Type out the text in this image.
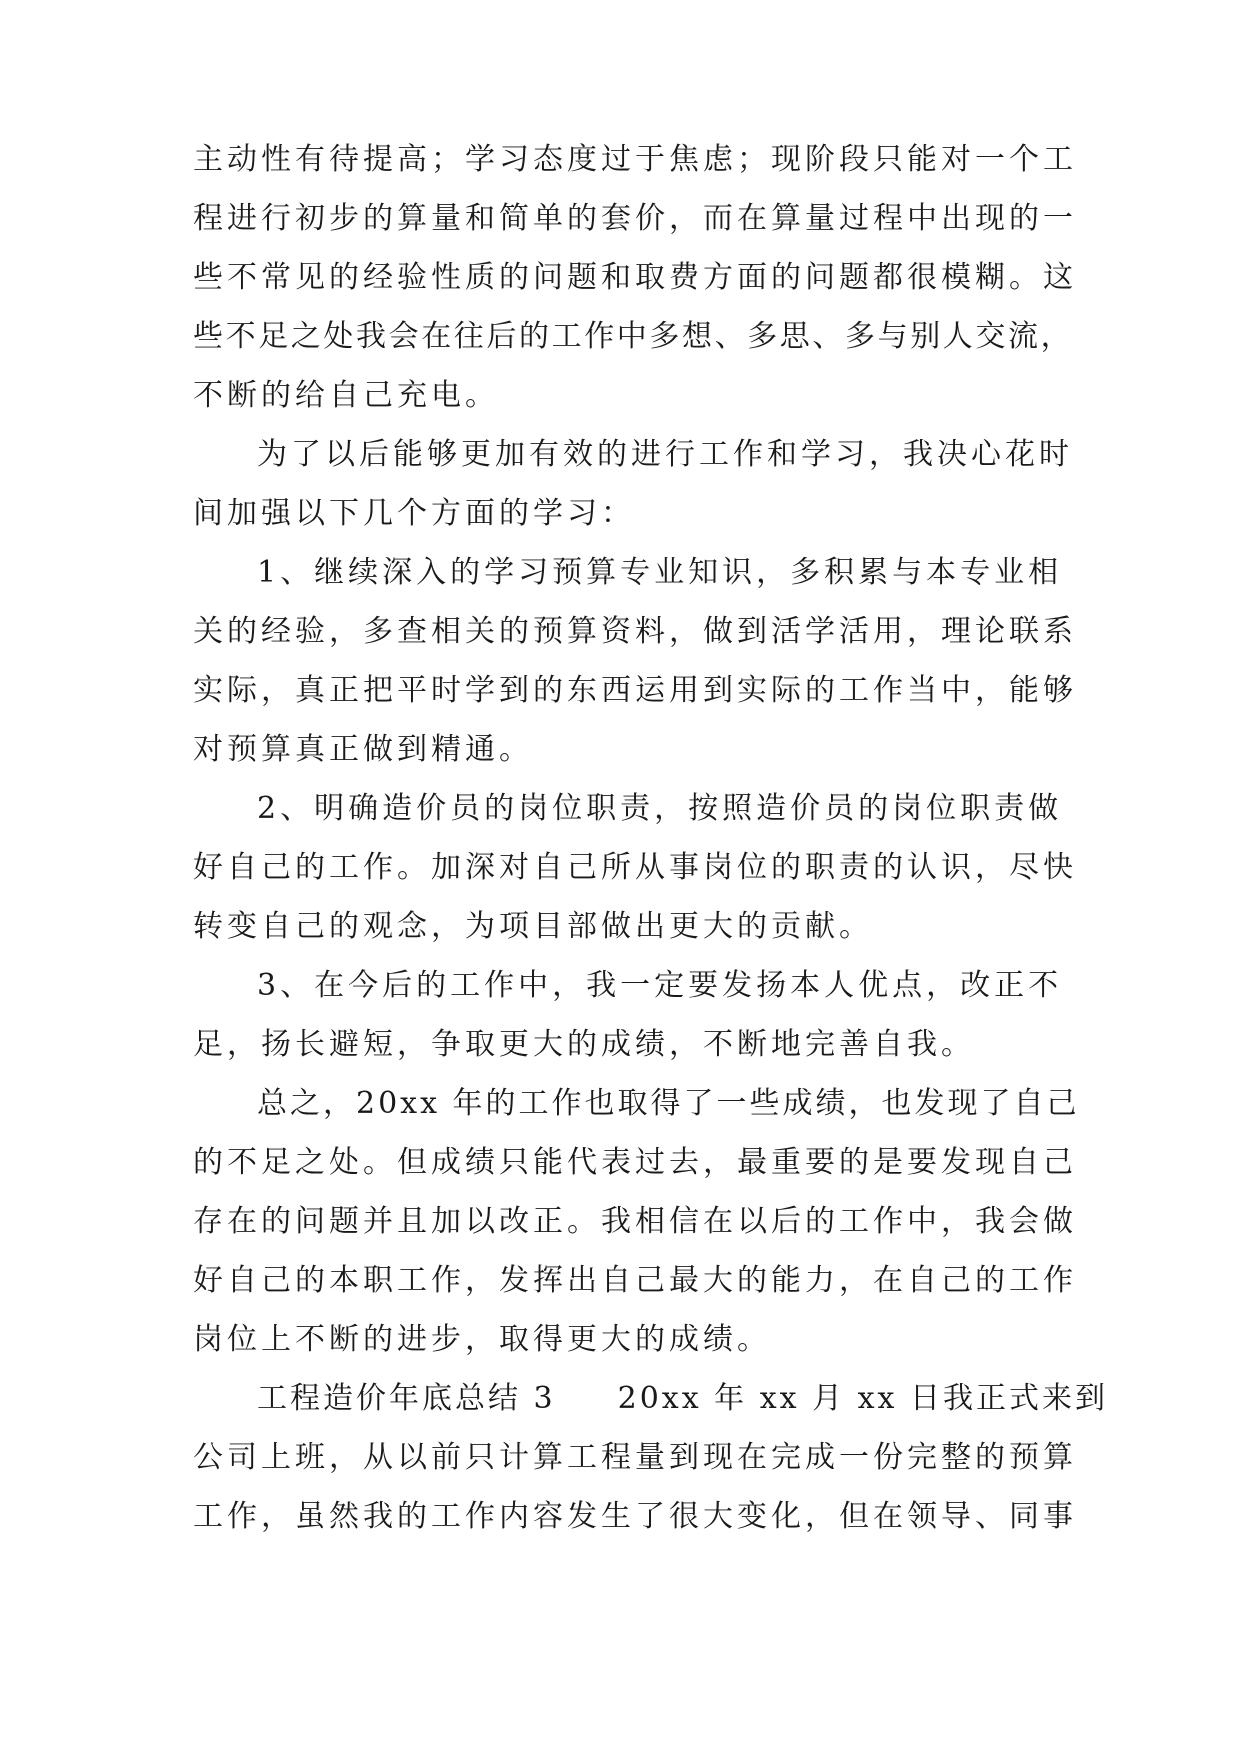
主动性有待提高；学习态度过于焦虑；现阶段只能对一个工
程进行初步的算量和简单的套价，而在算量过程中出现的一
些不常见的经验性质的问题和取费方面的问题都很模糊。这
些不足之处我会在往后的工作中多想、多思、多与别人交流，
不断的给自己充电。
为了以后能够更加有效的进行工作和学习，我决心花时
间加强以下几个方面的学习：
1、继续深入的学习预算专业知识，多积累与本专业相
关的经验，多查相关的预算资料，做到活学活用，理论联系
实际，真正把平时学到的东西运用到实际的工作当中，能够
对预算真正做到精通。
2、明确造价员的岗位职责，按照造价员的岗位职责做
好自己的工作。加深对自己所从事岗位的职责的认识，尽快
转变自己的观念，为项目部做出更大的贡献。
3、在今后的工作中，我一定要发扬本人优点，改正不
足，扬长避短，争取更大的成绩，不断地完善自我。
总之，20xx 年的工作也取得了一些成绩，也发现了自己
的不足之处。但成绩只能代表过去，最重要的是要发现自己
存在的问题并且加以改正。我相信在以后的工作中，我会做
好自己的本职工作，发挥出自己最大的能力，在自己的工作
岗位上不断的进步，取得更大的成绩。
工程造价年底总结 3 20xx 年 xx 月 xx 日我正式来到
公司上班，从以前只计算工程量到现在完成一份完整的预算
工作，虽然我的工作内容发生了很大变化，但在领导、同事
